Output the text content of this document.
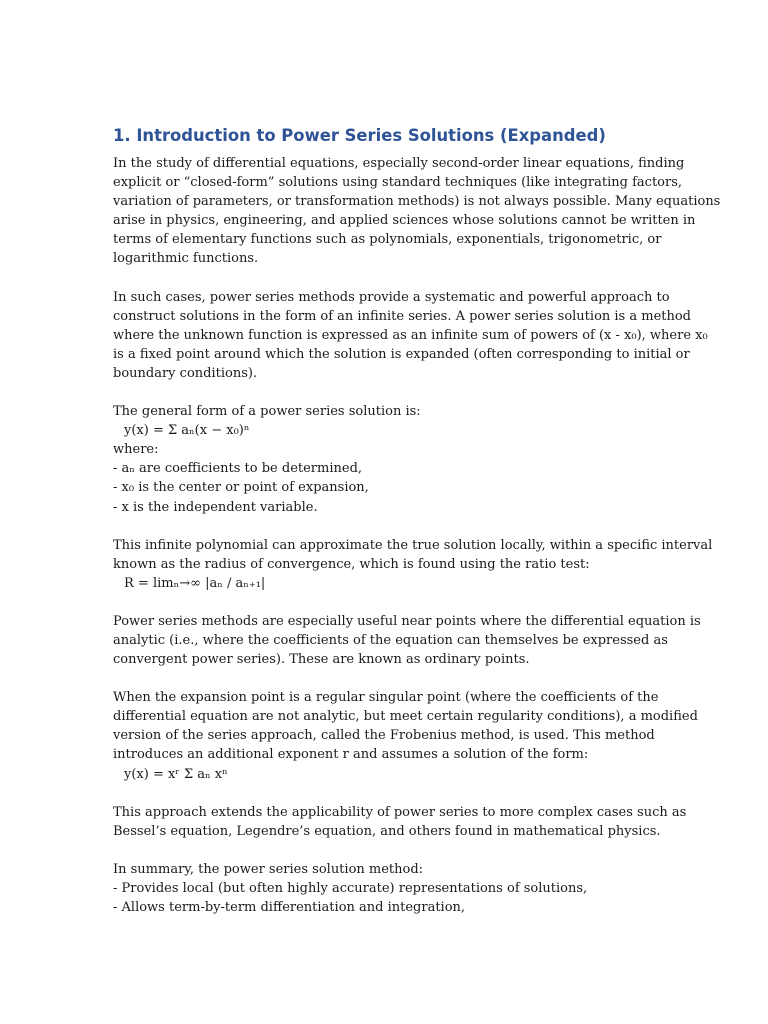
1. Introduction to Power Series Solutions (Expanded)

In the study of differential equations, especially second-order linear equations, finding
explicit or “closed-form” solutions using standard techniques (like integrating factors,
variation of parameters, or transformation methods) is not always possible. Many equations
arise in physics, engineering, and applied sciences whose solutions cannot be written in
terms of elementary functions such as polynomials, exponentials, trigonometric, or
logarithmic functions.

In such cases, power series methods provide a systematic and powerful approach to
construct solutions in the form of an infinite series. A power series solution is a method
where the unknown function is expressed as an infinite sum of powers of (x - x₀), where x₀
is a fixed point around which the solution is expanded (often corresponding to initial or
boundary conditions).

The general form of a power series solution is:
y(x) = Σ aₙ(x − x₀)ⁿ
where:
- aₙ are coefficients to be determined,
- x₀ is the center or point of expansion,
- x is the independent variable.

This infinite polynomial can approximate the true solution locally, within a specific interval
known as the radius of convergence, which is found using the ratio test:
R = limₙ→∞ |aₙ / aₙ₊₁|

Power series methods are especially useful near points where the differential equation is
analytic (i.e., where the coefficients of the equation can themselves be expressed as
convergent power series). These are known as ordinary points.

When the expansion point is a regular singular point (where the coefficients of the
differential equation are not analytic, but meet certain regularity conditions), a modified
version of the series approach, called the Frobenius method, is used. This method
introduces an additional exponent r and assumes a solution of the form:
y(x) = xʳ Σ aₙ xⁿ

This approach extends the applicability of power series to more complex cases such as
Bessel’s equation, Legendre’s equation, and others found in mathematical physics.

In summary, the power series solution method:
- Provides local (but often highly accurate) representations of solutions,
- Allows term-by-term differentiation and integration,
